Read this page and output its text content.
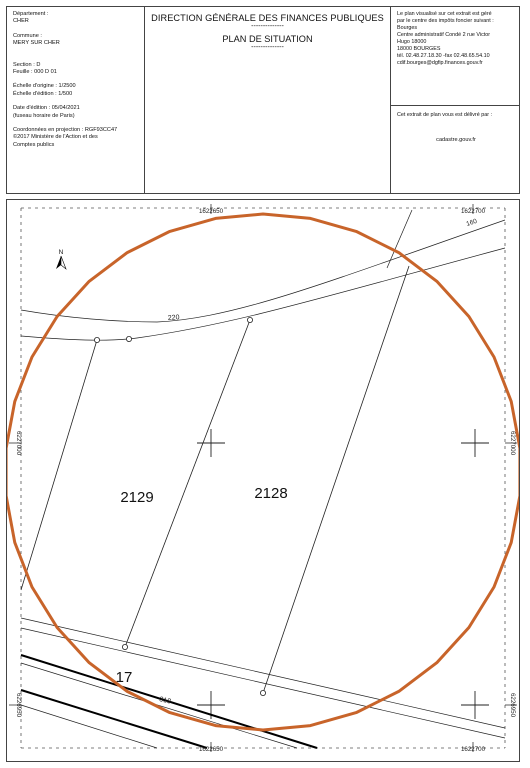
Département :
CHER
Commune :
MERY SUR CHER
Section : D
Feuille : 000 D 01
Échelle d'origine : 1/2500
Échelle d'édition : 1/500
Date d'édition : 05/04/2021
(fuseau horaire de Paris)
Coordonnées en projection : RGF93CC47
©2017 Ministère de l'Action et des
Comptes publics
DIRECTION GÉNÉRALE DES FINANCES PUBLIQUES
--------------
PLAN DE SITUATION
--------------
Le plan visualisé sur cet extrait est géré
par le centre des impôts foncier suivant :
Bourges
Centre administratif Condé 2 rue Victor
Hugo 18000
18000 BOURGES
tél. 02.48.27.18.30 -fax 02.48.65.54.10
cdif.bourges@dgfip.finances.gouv.fr
Cet extrait de plan vous est délivré par :
cadastre.gouv.fr
1622650	1622700
1622650	1622700
6227000	6227000
6226950	6226950
2129	2128
17
220
318
160
N
